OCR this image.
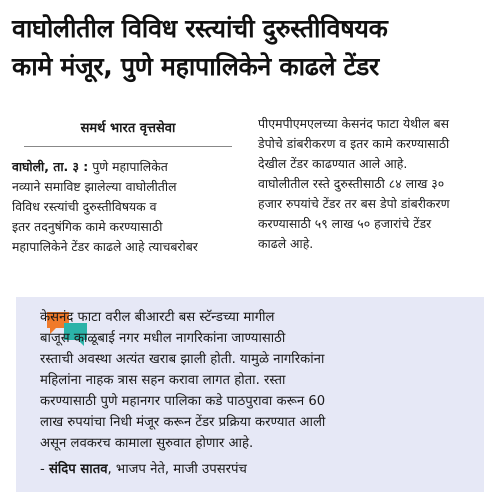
वाघोलीतील विविध रस्त्यांची दुरुस्तीविषयक
कामे मंजूर, पुणे महापालिकेने काढले टेंडर
समर्थ भारत वृत्तसेवा

वाघोली, ता. ३ : पुणे महापालिकेत
नव्याने समाविष्ट झालेल्या वाघोलीतील
विविध रस्त्यांची दुरुस्तीविषयक व
इतर तदनुषंगिक कामे करण्यासाठी
महापालिकेने टेंडर काढले आहे त्याचबरोबर

पीएमपीएमएलच्या केसनंद फाटा येथील बस
डेपोचे डांबरीकरण व इतर कामे करण्यासाठी
देखील टेंडर काढण्यात आले आहे.
वाघोलीतील रस्ते दुरुस्तीसाठी ८४ लाख ३०
हजार रुपयांचे टेंडर तर बस डेपो डांबरीकरण
करण्यासाठी ५९ लाख ५० हजारांचे टेंडर
काढले आहे.

केसनंद फाटा वरील बीआरटी बस स्टॅन्डच्या मागील
बाजूस काळूबाई नगर मधील नागरिकांना जाण्यासाठी
रस्ताची अवस्था अत्यंत खराब झाली होती. यामुळे नागरिकांना
महिलांना नाहक त्रास सहन करावा लागत होता. रस्ता
करण्यासाठी पुणे महानगर पालिका कडे पाठपुरावा करून 60
लाख रुपयांचा निधी मंजूर करून टेंडर प्रक्रिया करण्यात आली
असून लवकरच कामाला सुरुवात होणार आहे.
- संदिप सातव, भाजप नेते, माजी उपसरपंच
